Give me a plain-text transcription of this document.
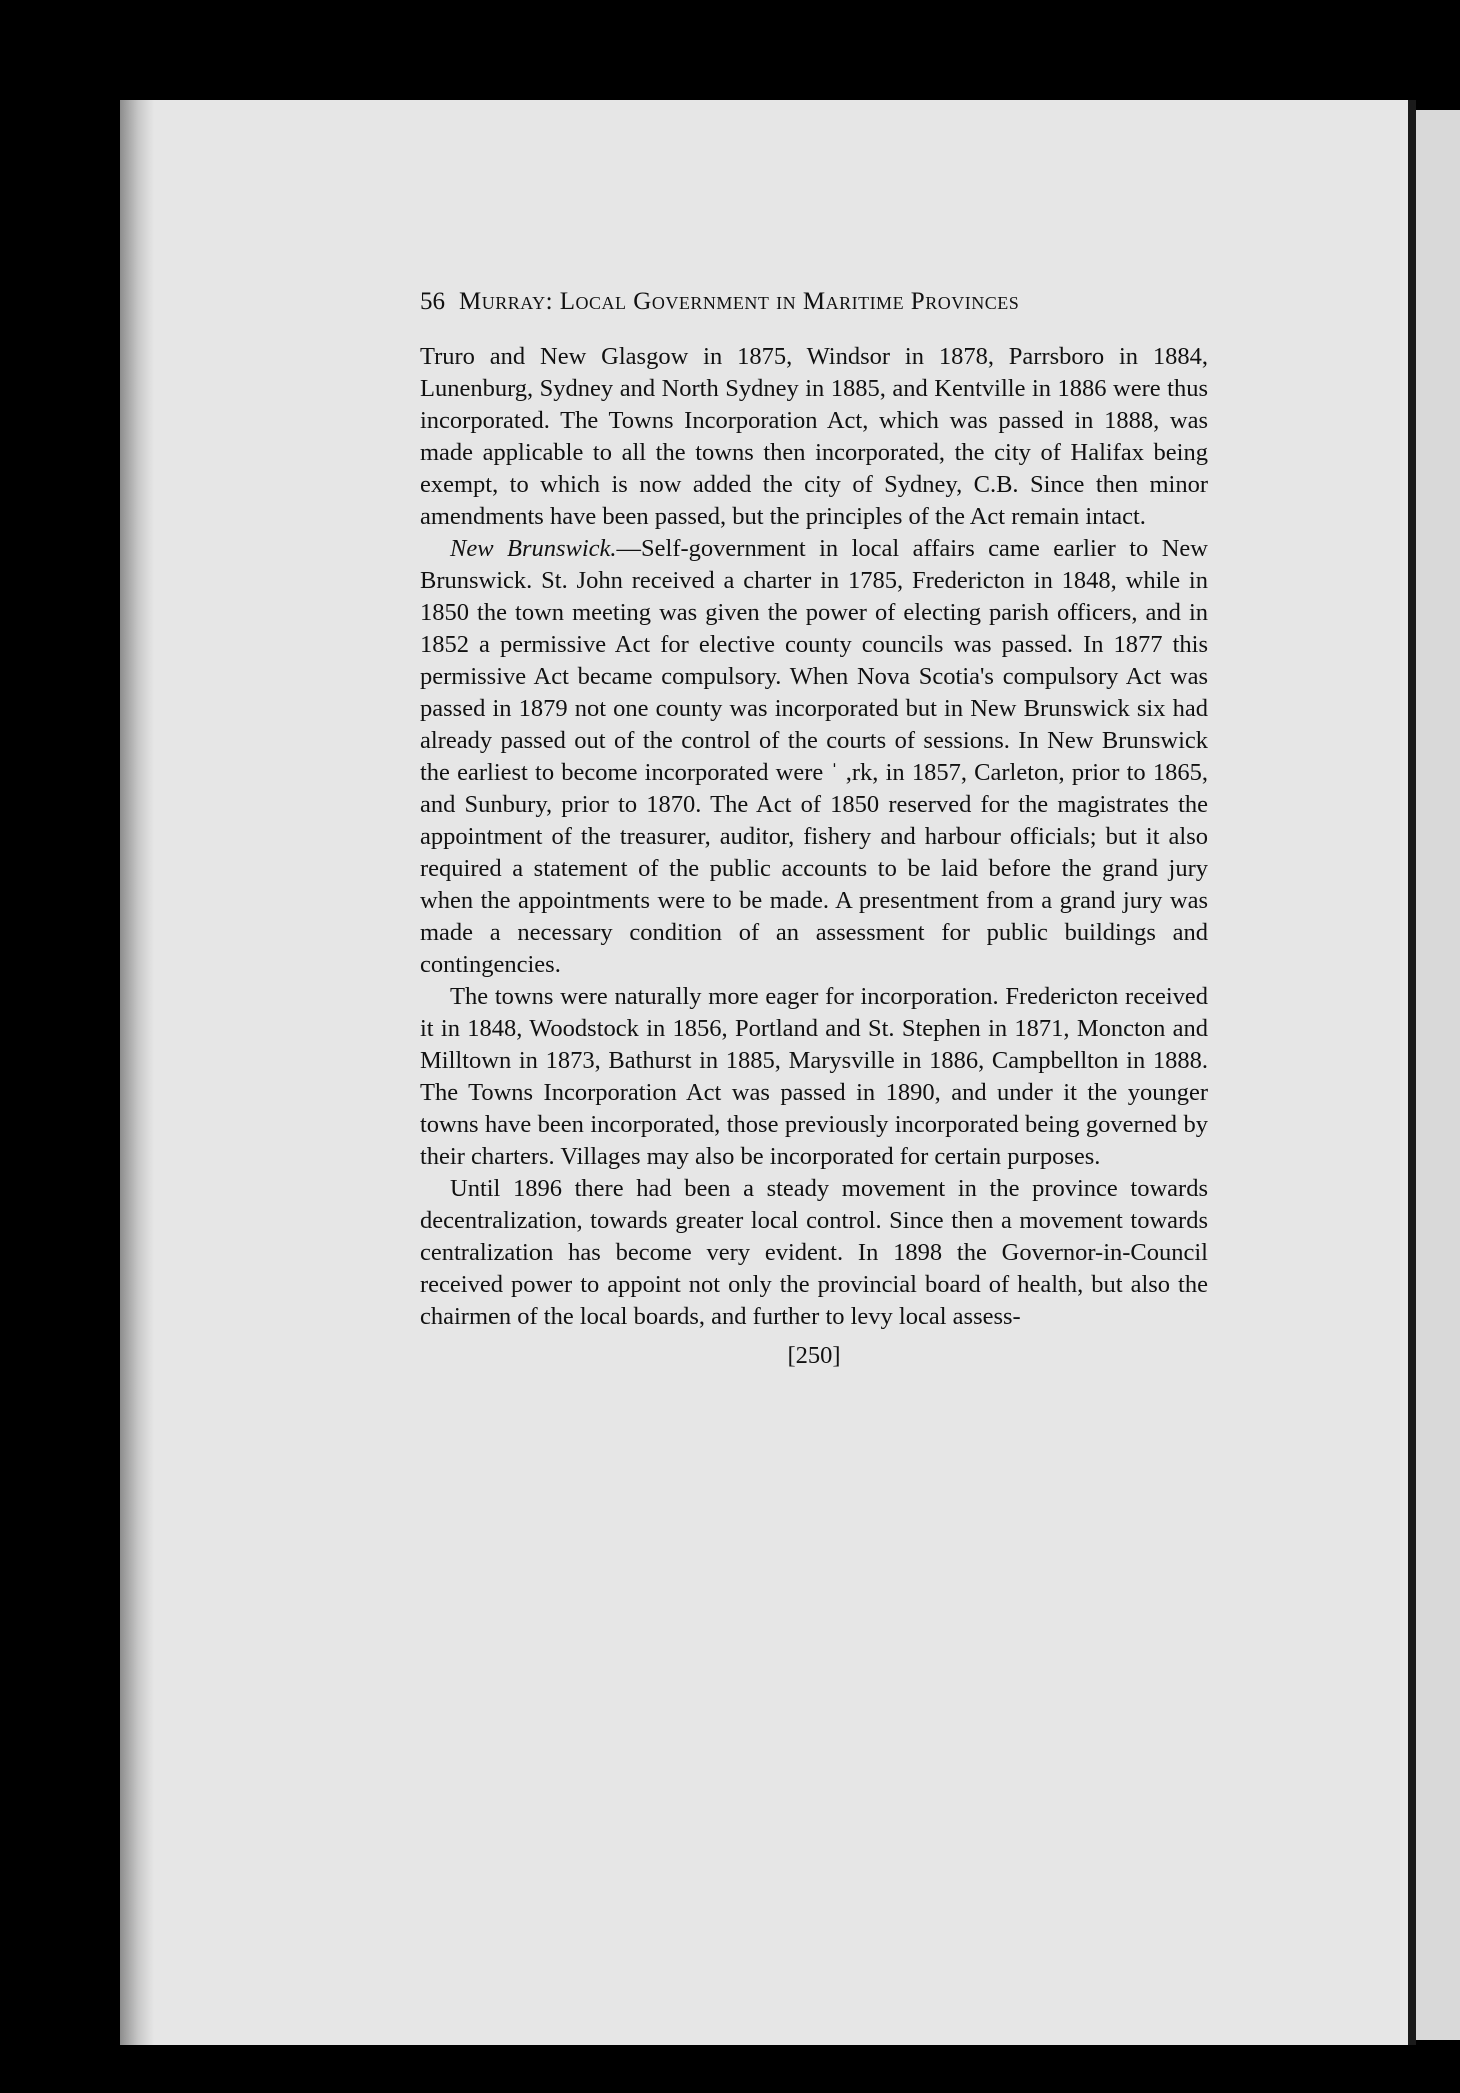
56 Murray: Local Government in Maritime Provinces

Truro and New Glasgow in 1875, Windsor in 1878, Parrsboro in 1884, Lunenburg, Sydney and North Sydney in 1885, and Kentville in 1886 were thus incorporated. The Towns Incorporation Act, which was passed in 1888, was made applicable to all the towns then incorporated, the city of Halifax being exempt, to which is now added the city of Sydney, C.B. Since then minor amendments have been passed, but the principles of the Act remain intact.

New Brunswick.—Self-government in local affairs came earlier to New Brunswick. St. John received a charter in 1785, Fredericton in 1848, while in 1850 the town meeting was given the power of electing parish officers, and in 1852 a permissive Act for elective county councils was passed. In 1877 this permissive Act became compulsory. When Nova Scotia's compulsory Act was passed in 1879 not one county was incorporated but in New Brunswick six had already passed out of the control of the courts of sessions. In New Brunswick the earliest to become incorporated were ˈ ,rk, in 1857, Carleton, prior to 1865, and Sunbury, prior to 1870. The Act of 1850 reserved for the magistrates the appointment of the treasurer, auditor, fishery and harbour officials; but it also required a statement of the public accounts to be laid before the grand jury when the appointments were to be made. A presentment from a grand jury was made a necessary condition of an assessment for public buildings and contingencies.

The towns were naturally more eager for incorporation. Fredericton received it in 1848, Woodstock in 1856, Portland and St. Stephen in 1871, Moncton and Milltown in 1873, Bathurst in 1885, Marysville in 1886, Campbellton in 1888. The Towns Incorporation Act was passed in 1890, and under it the younger towns have been incorporated, those previously incorporated being governed by their charters. Villages may also be incorporated for certain purposes.

Until 1896 there had been a steady movement in the province towards decentralization, towards greater local control. Since then a movement towards centralization has become very evident. In 1898 the Governor-in-Council received power to appoint not only the provincial board of health, but also the chairmen of the local boards, and further to levy local assess-

[250]
